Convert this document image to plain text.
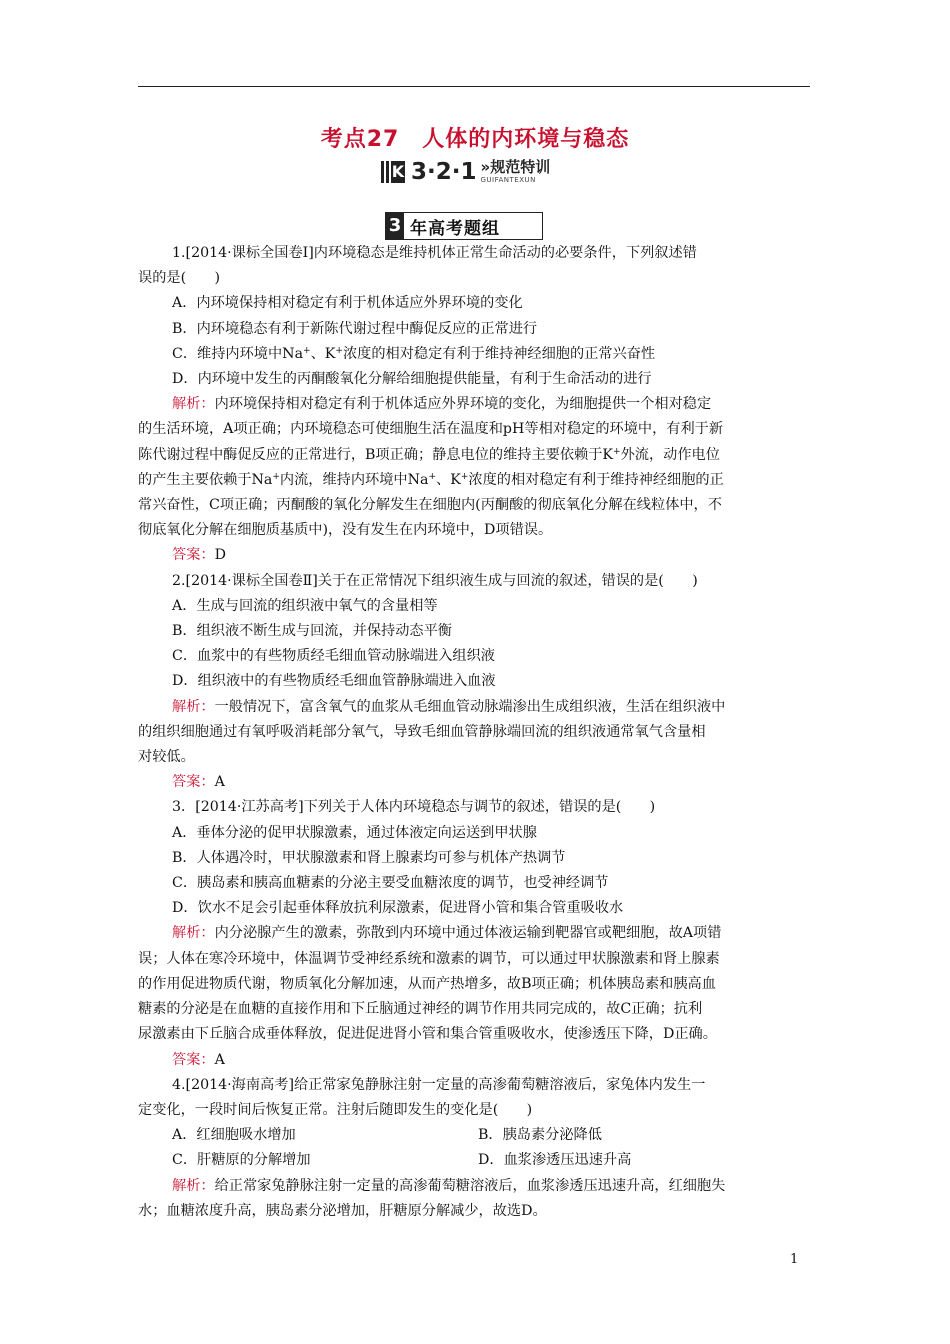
考点27　人体的内环境与稳态
K 3·2·1 »规范特训
GUIFANTEXUN
3 年高考题组

1.[2014·课标全国卷Ⅰ]内环境稳态是维持机体正常生命活动的必要条件，下列叙述错

误的是(　　)

A．内环境保持相对稳定有利于机体适应外界环境的变化

B．内环境稳态有利于新陈代谢过程中酶促反应的正常进行

C．维持内环境中Na+、K+浓度的相对稳定有利于维持神经细胞的正常兴奋性

D．内环境中发生的丙酮酸氧化分解给细胞提供能量，有利于生命活动的进行

解析：内环境保持相对稳定有利于机体适应外界环境的变化，为细胞提供一个相对稳定

的生活环境，A项正确；内环境稳态可使细胞生活在温度和pH等相对稳定的环境中，有利于新

陈代谢过程中酶促反应的正常进行，B项正确；静息电位的维持主要依赖于K+外流，动作电位

的产生主要依赖于Na+内流，维持内环境中Na+、K+浓度的相对稳定有利于维持神经细胞的正

常兴奋性，C项正确；丙酮酸的氧化分解发生在细胞内(丙酮酸的彻底氧化分解在线粒体中，不

彻底氧化分解在细胞质基质中)，没有发生在内环境中，D项错误。

答案：D

2.[2014·课标全国卷Ⅱ]关于在正常情况下组织液生成与回流的叙述，错误的是(　　)

A．生成与回流的组织液中氧气的含量相等

B．组织液不断生成与回流，并保持动态平衡

C．血浆中的有些物质经毛细血管动脉端进入组织液

D．组织液中的有些物质经毛细血管静脉端进入血液

解析：一般情况下，富含氧气的血浆从毛细血管动脉端渗出生成组织液，生活在组织液中

的组织细胞通过有氧呼吸消耗部分氧气，导致毛细血管静脉端回流的组织液通常氧气含量相

对较低。

答案：A

3．[2014·江苏高考]下列关于人体内环境稳态与调节的叙述，错误的是(　　)

A．垂体分泌的促甲状腺激素，通过体液定向运送到甲状腺

B．人体遇冷时，甲状腺激素和肾上腺素均可参与机体产热调节

C．胰岛素和胰高血糖素的分泌主要受血糖浓度的调节，也受神经调节

D．饮水不足会引起垂体释放抗利尿激素，促进肾小管和集合管重吸收水

解析：内分泌腺产生的激素，弥散到内环境中通过体液运输到靶器官或靶细胞，故A项错

误；人体在寒冷环境中，体温调节受神经系统和激素的调节，可以通过甲状腺激素和肾上腺素

的作用促进物质代谢，物质氧化分解加速，从而产热增多，故B项正确；机体胰岛素和胰高血

糖素的分泌是在血糖的直接作用和下丘脑通过神经的调节作用共同完成的，故C正确；抗利

尿激素由下丘脑合成垂体释放，促进促进肾小管和集合管重吸收水，使渗透压下降，D正确。

答案：A

4.[2014·海南高考]给正常家兔静脉注射一定量的高渗葡萄糖溶液后，家兔体内发生一

定变化，一段时间后恢复正常。注射后随即发生的变化是(　　)

A．红细胞吸水增加	B．胰岛素分泌降低
C．肝糖原的分解增加	D．血浆渗透压迅速升高

解析：给正常家兔静脉注射一定量的高渗葡萄糖溶液后，血浆渗透压迅速升高，红细胞失

水；血糖浓度升高，胰岛素分泌增加，肝糖原分解减少，故选D。

1
